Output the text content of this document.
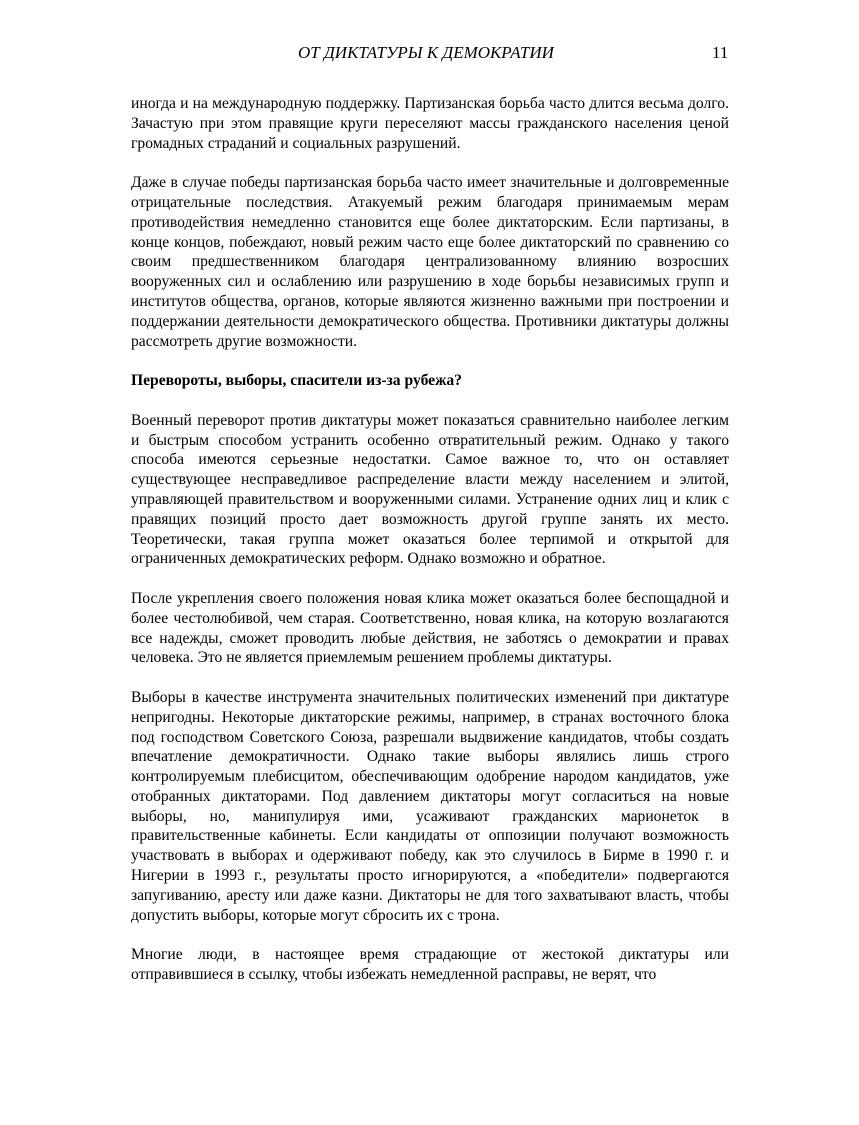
ОТ ДИКТАТУРЫ К ДЕМОКРАТИИ	11

иногда и на международную поддержку. Партизанская борьба часто длится весьма долго. Зачастую при этом правящие круги переселяют массы гражданского населения ценой громадных страданий и социальных разрушений.

Даже в случае победы партизанская борьба часто имеет значительные и долговременные отрицательные последствия. Атакуемый режим благодаря принимаемым мерам противодействия немедленно становится еще более диктаторским. Если партизаны, в конце концов, побеждают, новый режим часто еще более диктаторский по сравнению со своим предшественником благодаря централизованному влиянию возросших вооруженных сил и ослаблению или разрушению в ходе борьбы независимых групп и институтов общества, органов, которые являются жизненно важными при построении и поддержании деятельности демократического общества. Противники диктатуры должны рассмотреть другие возможности.

Перевороты, выборы, спасители из-за рубежа?

Военный переворот против диктатуры может показаться сравнительно наиболее легким и быстрым способом устранить особенно отвратительный режим. Однако у такого способа имеются серьезные недостатки. Самое важное то, что он оставляет существующее несправедливое распределение власти между населением и элитой, управляющей правительством и вооруженными силами. Устранение одних лиц и клик с правящих позиций просто дает возможность другой группе занять их место. Теоретически, такая группа может оказаться более терпимой и открытой для ограниченных демократических реформ. Однако возможно и обратное.

После укрепления своего положения новая клика может оказаться более беспощадной и более честолюбивой, чем старая. Соответственно, новая клика, на которую возлагаются все надежды, сможет проводить любые действия, не заботясь о демократии и правах человека. Это не является приемлемым решением проблемы диктатуры.

Выборы в качестве инструмента значительных политических изменений при диктатуре непригодны. Некоторые диктаторские режимы, например, в странах восточного блока под господством Советского Союза, разрешали выдвижение кандидатов, чтобы создать впечатление демократичности. Однако такие выборы являлись лишь строго контролируемым плебисцитом, обеспечивающим одобрение народом кандидатов, уже отобранных диктаторами. Под давлением диктаторы могут согласиться на новые выборы, но, манипулируя ими, усаживают гражданских марионеток в правительственные кабинеты. Если кандидаты от оппозиции получают возможность участвовать в выборах и одерживают победу, как это случилось в Бирме в 1990 г. и Нигерии в 1993 г., результаты просто игнорируются, а «победители» подвергаются запугиванию, аресту или даже казни. Диктаторы не для того захватывают власть, чтобы допустить выборы, которые могут сбросить их с трона.

Многие люди, в настоящее время страдающие от жестокой диктатуры или отправившиеся в ссылку, чтобы избежать немедленной расправы, не верят, что
